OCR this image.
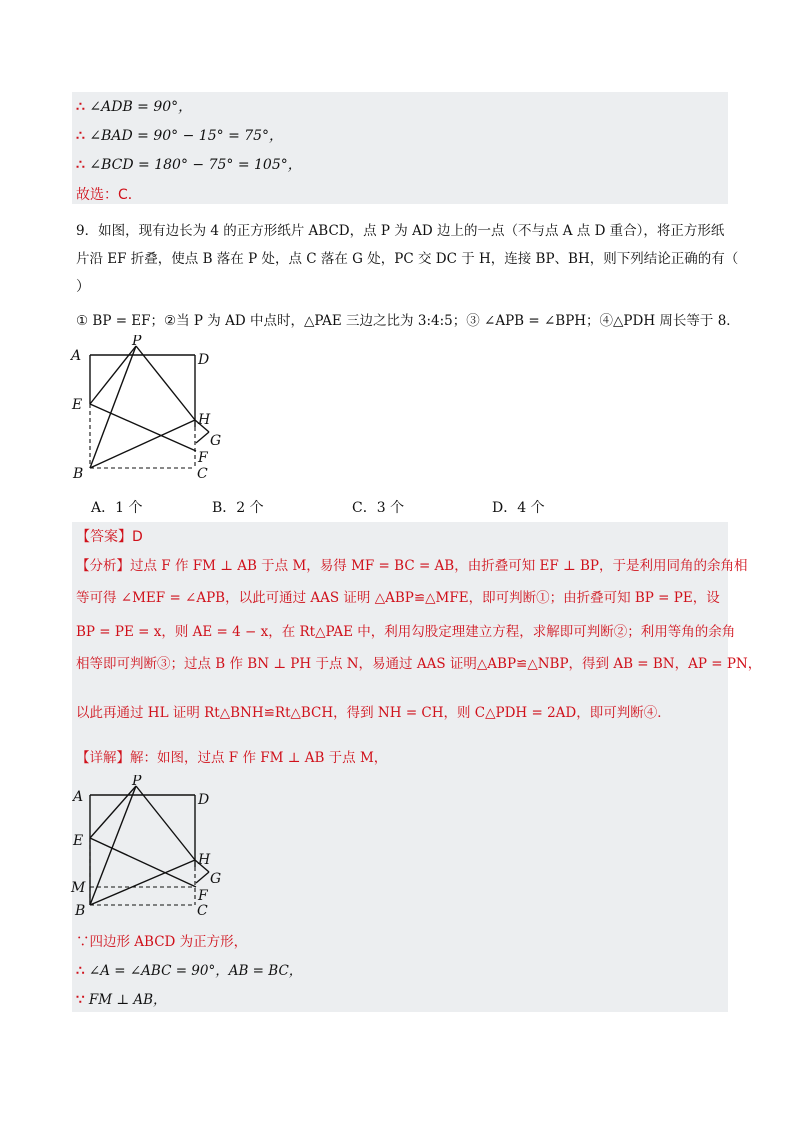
∴ ∠ADB = 90°，
∴ ∠BAD = 90° − 15° = 75°，
∴ ∠BCD = 180° − 75° = 105°，
故选：C．
9．如图，现有边长为 4 的正方形纸片 ABCD，点 P 为 AD 边上的一点（不与点 A 点 D 重合），将正方形纸
片沿 EF 折叠，使点 B 落在 P 处，点 C 落在 G 处，PC 交 DC 于 H，连接 BP、BH，则下列结论正确的有（
）
① BP = EF；②当 P 为 AD 中点时，△PAE 三边之比为 3:4:5；③ ∠APB = ∠BPH；④△PDH 周长等于 8．
A
P
D
E
H
G
F
B	C
A．1 个	B．2 个	C．3 个	D．4 个
【答案】D
【分析】过点 F 作 FM ⊥ AB 于点 M，易得 MF = BC = AB，由折叠可知 EF ⊥ BP，于是利用同角的余角相
等可得 ∠MEF = ∠APB，以此可通过 AAS 证明 △ABP≌△MFE，即可判断①；由折叠可知 BP = PE，设
BP = PE = x，则 AE = 4 − x，在 Rt△PAE 中，利用勾股定理建立方程，求解即可判断②；利用等角的余角
相等即可判断③；过点 B 作 BN ⊥ PH 于点 N，易通过 AAS 证明△ABP≌△NBP，得到 AB = BN，AP = PN，
以此再通过 HL 证明 Rt△BNH≌Rt△BCH，得到 NH = CH，则 C△PDH = 2AD，即可判断④．
【详解】解：如图，过点 F 作 FM ⊥ AB 于点 M，
A
P
D
E
H
G
M	F
B	C
∵四边形 ABCD 为正方形，
∴ ∠A = ∠ABC = 90°，AB = BC，
∵ FM ⊥ AB，
